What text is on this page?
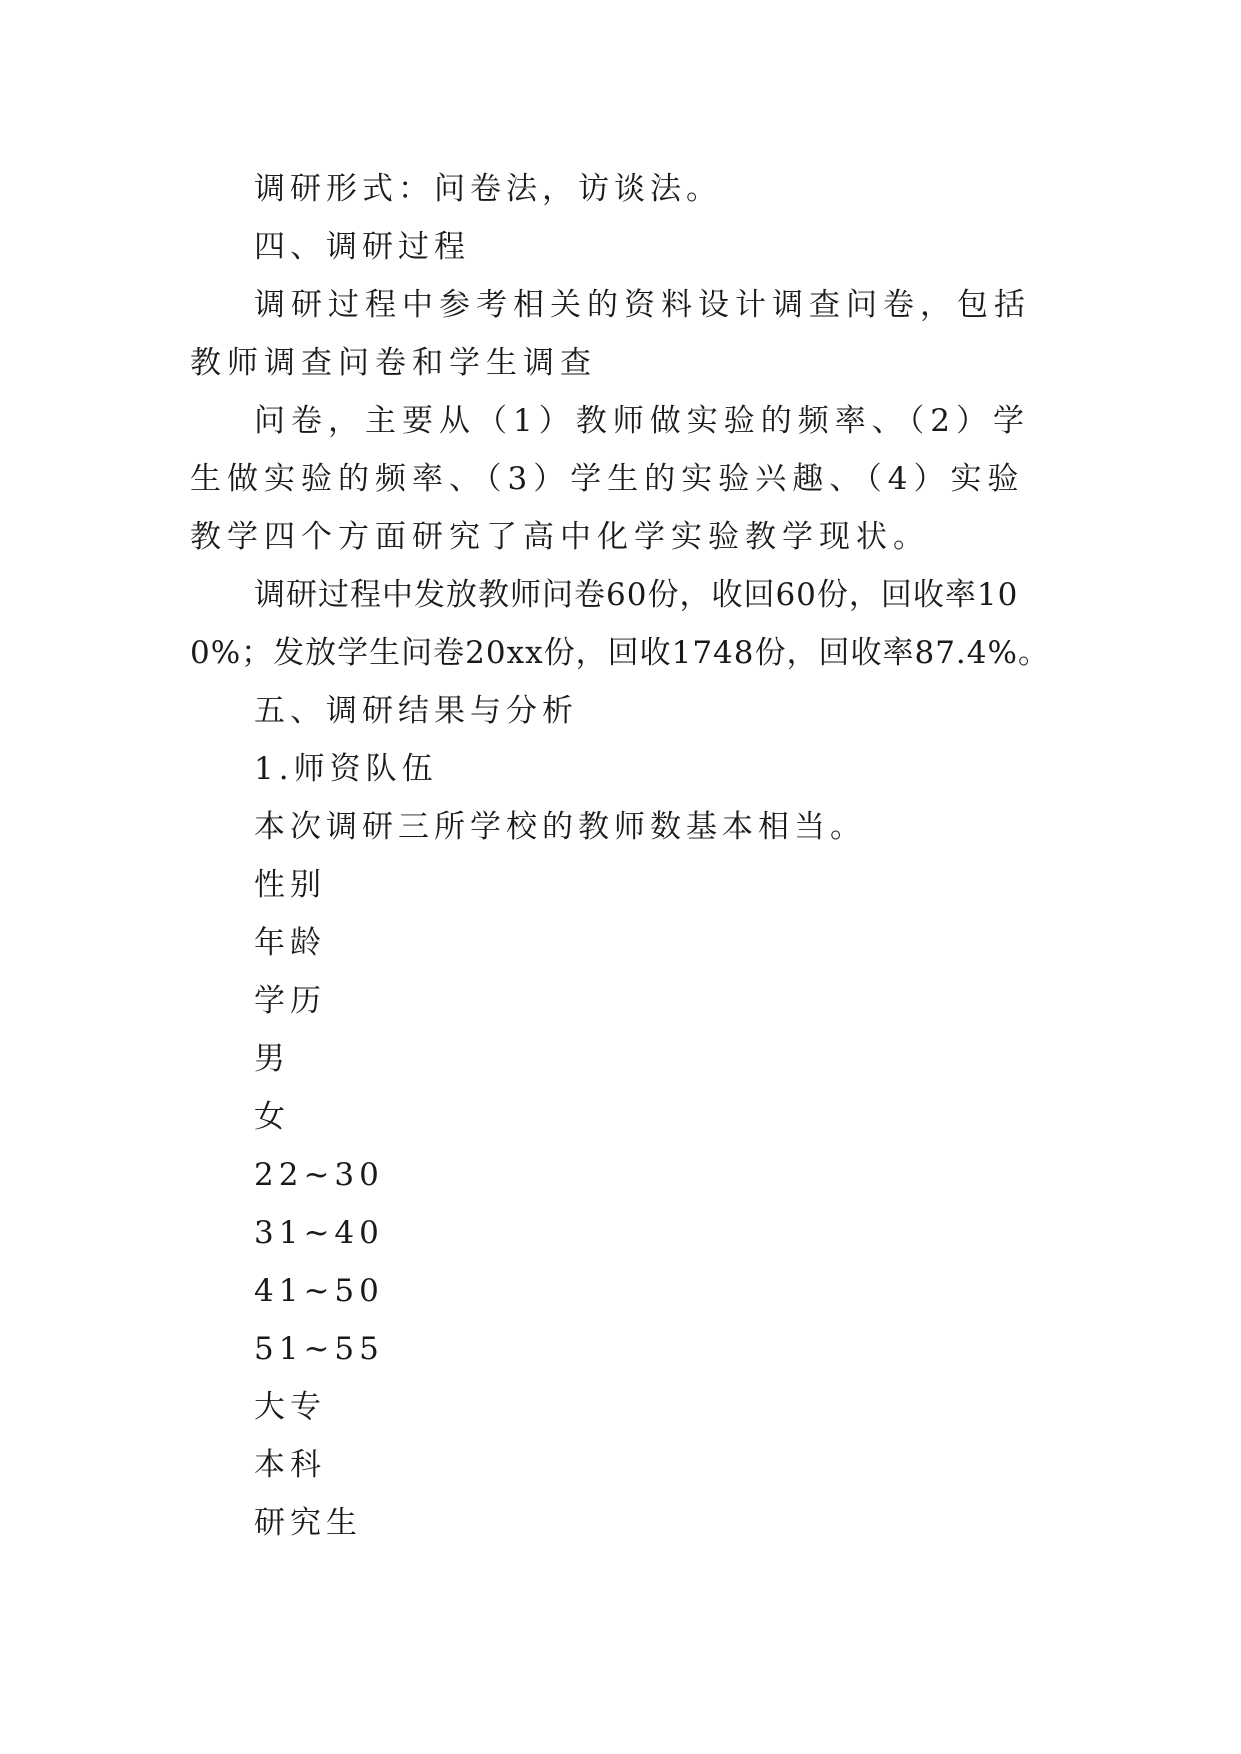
调研形式：问卷法，访谈法。

四、调研过程

调研过程中参考相关的资料设计调查问卷，包括教师调查问卷和学生调查

问卷，主要从（1）教师做实验的频率、（2）学生做实验的频率、（3）学生的实验兴趣、（4）实验教学四个方面研究了高中化学实验教学现状。

调研过程中发放教师问卷60份，收回60份，回收率100%；发放学生问卷20xx份，回收1748份，回收率87.4%。

五、调研结果与分析

1.师资队伍

本次调研三所学校的教师数基本相当。

性别

年龄

学历

男

女

22~30

31~40

41~50

51~55

大专

本科

研究生
